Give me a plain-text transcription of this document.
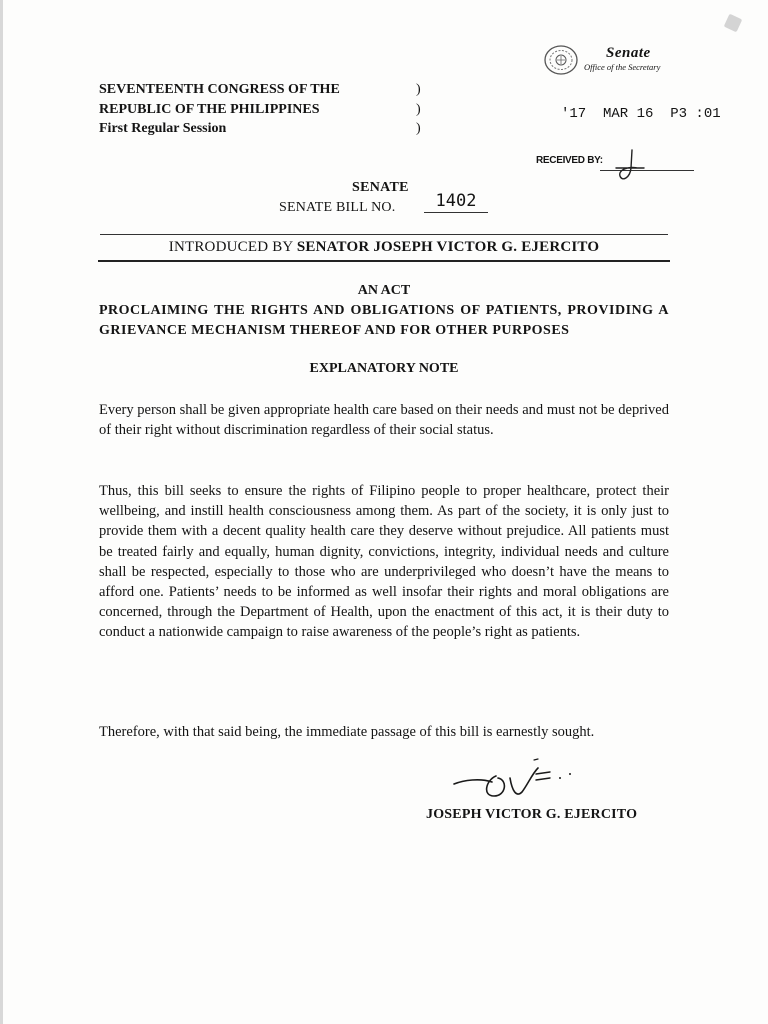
Senate
Office of the Secretary
'17  MAR 16  P3 :01
RECEIVED BY:
SEVENTEENTH CONGRESS OF THE
REPUBLIC OF THE PHILIPPINES
First Regular Session
)
)
)
SENATE
SENATE BILL NO.	1402
INTRODUCED BY SENATOR JOSEPH VICTOR G. EJERCITO
AN ACT
PROCLAIMING THE RIGHTS AND OBLIGATIONS OF PATIENTS, PROVIDING A GRIEVANCE MECHANISM THEREOF AND FOR OTHER PURPOSES
EXPLANATORY NOTE
Every person shall be given appropriate health care based on their needs and must not be deprived of their right without discrimination regardless of their social status.
Thus, this bill seeks to ensure the rights of Filipino people to proper healthcare, protect their wellbeing, and instill health consciousness among them. As part of the society, it is only just to provide them with a decent quality health care they deserve without prejudice. All patients must be treated fairly and equally, human dignity, convictions, integrity, individual needs and culture shall be respected, especially to those who are underprivileged who doesn’t have the means to afford one. Patients’ needs to be informed as well insofar their rights and moral obligations are concerned, through the Department of Health, upon the enactment of this act, it is their duty to conduct a nationwide campaign to raise awareness of the people’s right as patients.
Therefore, with that said being, the immediate passage of this bill is earnestly sought.
JOSEPH VICTOR G. EJERCITO
